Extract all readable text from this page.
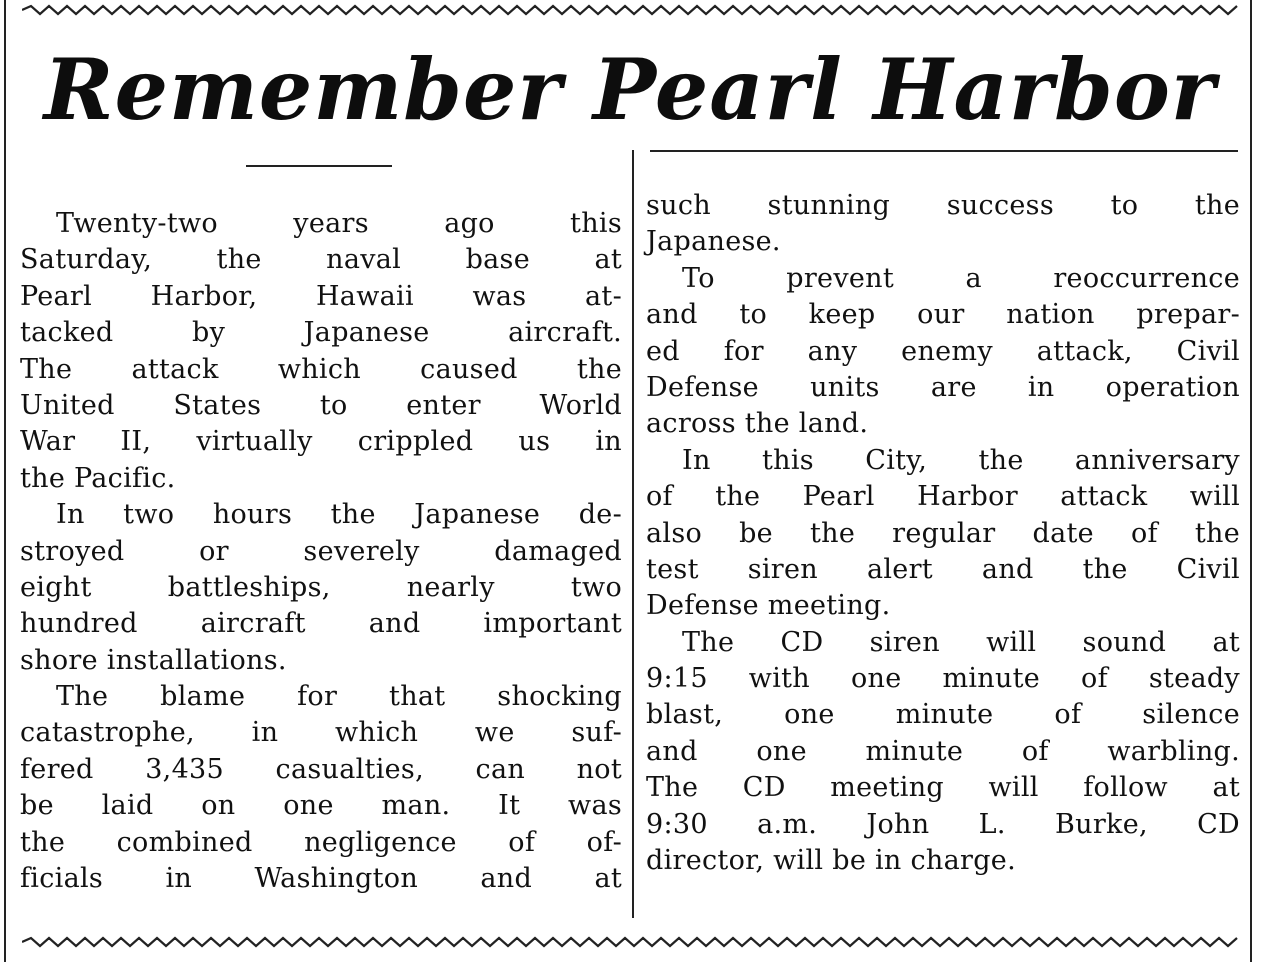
Remember Pearl Harbor
Twenty-two years ago this
Saturday, the naval base at
Pearl Harbor, Hawaii was at-
tacked by Japanese aircraft.
The attack which caused the
United States to enter World
War II, virtually crippled us in
the Pacific.
In two hours the Japanese de-
stroyed or severely damaged
eight battleships, nearly two
hundred aircraft and important
shore installations.
The blame for that shocking
catastrophe, in which we suf-
fered 3,435 casualties, can not
be laid on one man. It was
the combined negligence of of-
ficials in Washington and at
such stunning success to the
Japanese.
To prevent a reoccurrence
and to keep our nation prepar-
ed for any enemy attack, Civil
Defense units are in operation
across the land.
In this City, the anniversary
of the Pearl Harbor attack will
also be the regular date of the
test siren alert and the Civil
Defense meeting.
The CD siren will sound at
9:15 with one minute of steady
blast, one minute of silence
and one minute of warbling.
The CD meeting will follow at
9:30 a.m. John L. Burke, CD
director, will be in charge.
